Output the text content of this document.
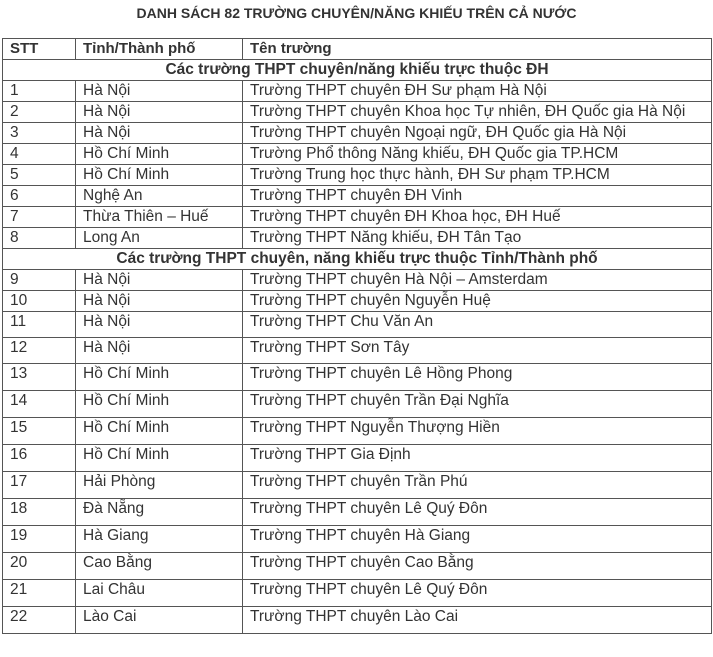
DANH SÁCH 82 TRƯỜNG CHUYÊN/NĂNG KHIẾU TRÊN CẢ NƯỚC
STT	Tỉnh/Thành phố	Tên trường
Các trường THPT chuyên/năng khiếu trực thuộc ĐH		
1	Hà Nội	Trường THPT chuyên ĐH Sư phạm Hà Nội
2	Hà Nội	Trường THPT chuyên Khoa học Tự nhiên, ĐH Quốc gia Hà Nội
3	Hà Nội	Trường THPT chuyên Ngoại ngữ, ĐH Quốc gia Hà Nội
4	Hồ Chí Minh	Trường Phổ thông Năng khiếu, ĐH Quốc gia TP.HCM
5	Hồ Chí Minh	Trường Trung học thực hành, ĐH Sư phạm TP.HCM
6	Nghệ An	Trường THPT chuyên ĐH Vinh
7	Thừa Thiên – Huế	Trường THPT chuyên ĐH Khoa học, ĐH Huế
8	Long An	Trường THPT Năng khiếu, ĐH Tân Tạo
Các trường THPT chuyên, năng khiếu trực thuộc Tỉnh/Thành phố		
9	Hà Nội	Trường THPT chuyên Hà Nội – Amsterdam
10	Hà Nội	Trường THPT chuyên Nguyễn Huệ
11	Hà Nội	Trường THPT Chu Văn An
12	Hà Nội	Trường THPT Sơn Tây
13	Hồ Chí Minh	Trường THPT chuyên Lê Hồng Phong
14	Hồ Chí Minh	Trường THPT chuyên Trần Đại Nghĩa
15	Hồ Chí Minh	Trường THPT Nguyễn Thượng Hiền
16	Hồ Chí Minh	Trường THPT Gia Định
17	Hải Phòng	Trường THPT chuyên Trần Phú
18	Đà Nẵng	Trường THPT chuyên Lê Quý Đôn
19	Hà Giang	Trường THPT chuyên Hà Giang
20	Cao Bằng	Trường THPT chuyên Cao Bằng
21	Lai Châu	Trường THPT chuyên Lê Quý Đôn
22	Lào Cai	Trường THPT chuyên Lào Cai
